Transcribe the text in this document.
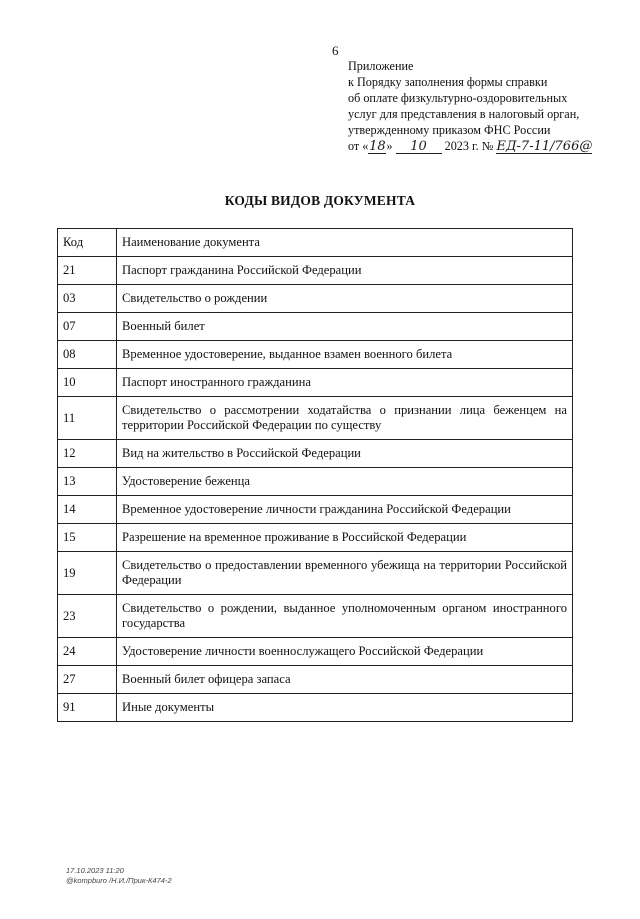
6
Приложение
к Порядку заполнения формы справки
об оплате физкультурно-оздоровительных
услуг для представления в налоговый орган,
утвержденному приказом ФНС России
от «18» 10 2023 г. № ЕД-7-11/766@
КОДЫ ВИДОВ ДОКУМЕНТА
Код	Наименование документа
21	Паспорт гражданина Российской Федерации
03	Свидетельство о рождении
07	Военный билет
08	Временное удостоверение, выданное взамен военного билета
10	Паспорт иностранного гражданина
11	Свидетельство о рассмотрении ходатайства о признании лица беженцем на территории Российской Федерации по существу
12	Вид на жительство в Российской Федерации
13	Удостоверение беженца
14	Временное удостоверение личности гражданина Российской Федерации
15	Разрешение на временное проживание в Российской Федерации
19	Свидетельство о предоставлении временного убежища на территории Российской Федерации
23	Свидетельство о рождении, выданное уполномоченным органом иностранного государства
24	Удостоверение личности военнослужащего Российской Федерации
27	Военный билет офицера запаса
91	Иные документы
17.10.2023 11:20
@kompburo /Н.И./Прик-К474-2
